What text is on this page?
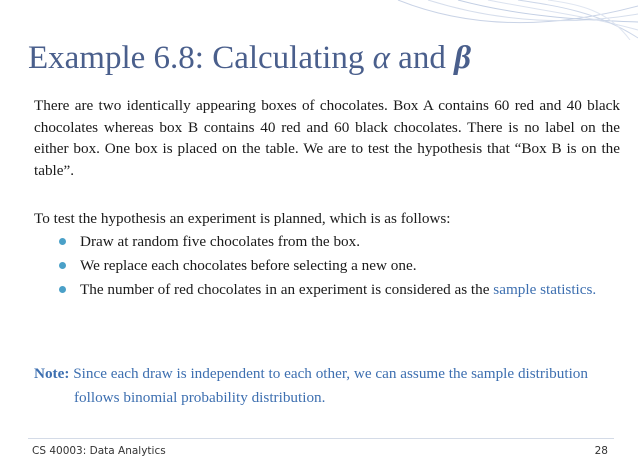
Example 6.8: Calculating α and β

There are two identically appearing boxes of chocolates. Box A contains 60 red and 40 black chocolates whereas box B contains 40 red and 60 black chocolates. There is no label on the either box. One box is placed on the table. We are to test the hypothesis that “Box B is on the table”.

To test the hypothesis an experiment is planned, which is as follows:

Draw at random five chocolates from the box.
We replace each chocolates before selecting a new one.
The number of red chocolates in an experiment is considered as the sample statistics.

Note: Since each draw is independent to each other, we can assume the sample distribution
follows binomial probability distribution.

CS 40003: Data Analytics	28
